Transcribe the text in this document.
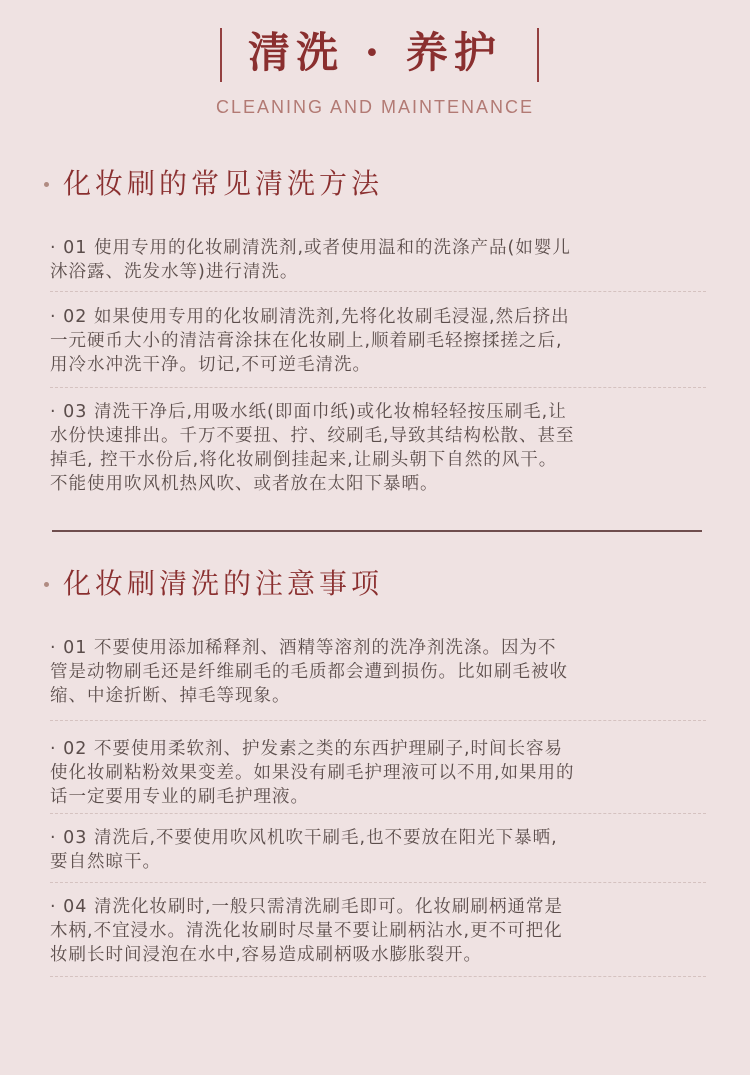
清洗 · 养护
CLEANING AND MAINTENANCE
化妆刷的常见清洗方法
· 01 使用专用的化妆刷清洗剂,或者使用温和的洗涤产品(如婴儿
沐浴露、洗发水等)进行清洗。
· 02 如果使用专用的化妆刷清洗剂,先将化妆刷毛浸湿,然后挤出
一元硬币大小的清洁膏涂抹在化妆刷上,顺着刷毛轻擦揉搓之后,
用冷水冲洗干净。切记,不可逆毛清洗。
· 03 清洗干净后,用吸水纸(即面巾纸)或化妆棉轻轻按压刷毛,让
水份快速排出。千万不要扭、拧、绞刷毛,导致其结构松散、甚至
掉毛, 控干水份后,将化妆刷倒挂起来,让刷头朝下自然的风干。
不能使用吹风机热风吹、或者放在太阳下暴晒。
化妆刷清洗的注意事项
· 01 不要使用添加稀释剂、酒精等溶剂的洗净剂洗涤。因为不
管是动物刷毛还是纤维刷毛的毛质都会遭到损伤。比如刷毛被收
缩、中途折断、掉毛等现象。
· 02 不要使用柔软剂、护发素之类的东西护理刷子,时间长容易
使化妆刷粘粉效果变差。如果没有刷毛护理液可以不用,如果用的
话一定要用专业的刷毛护理液。
· 03 清洗后,不要使用吹风机吹干刷毛,也不要放在阳光下暴晒,
要自然晾干。
· 04 清洗化妆刷时,一般只需清洗刷毛即可。化妆刷刷柄通常是
木柄,不宜浸水。清洗化妆刷时尽量不要让刷柄沾水,更不可把化
妆刷长时间浸泡在水中,容易造成刷柄吸水膨胀裂开。
